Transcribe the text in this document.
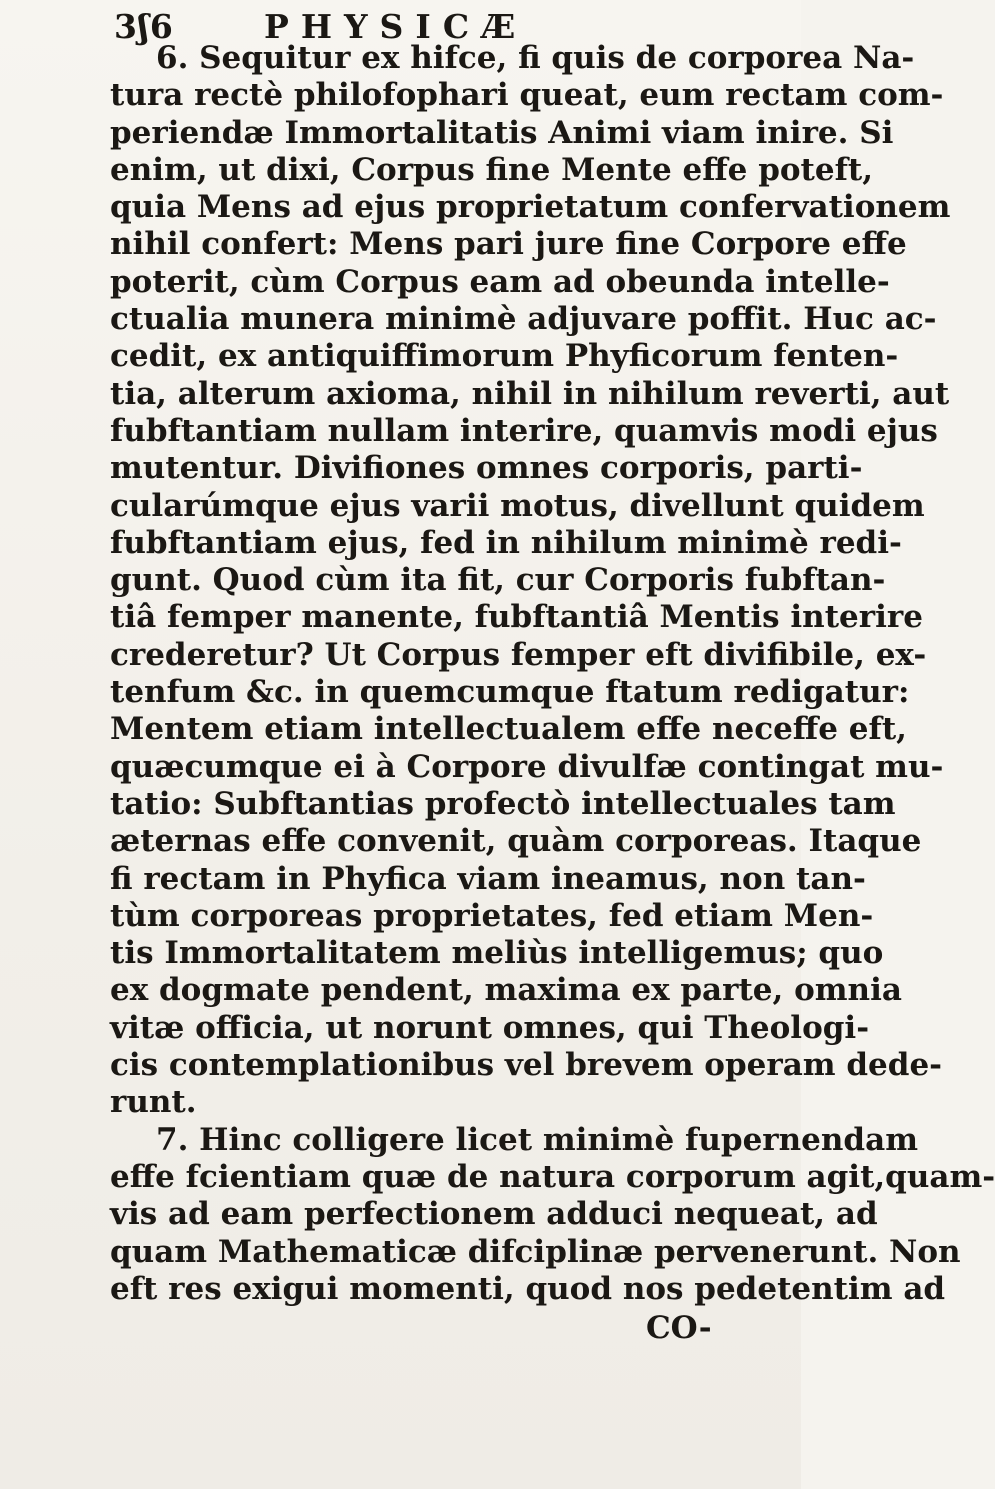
3ʃ6	PHYSICÆ
6. Sequitur ex hifce, fi quis de corporea Na-
tura rectè philofophari queat, eum rectam com-
periendæ Immortalitatis Animi viam inire. Si
enim, ut dixi, Corpus fine Mente effe poteft,
quia Mens ad ejus proprietatum confervationem
nihil confert: Mens pari jure fine Corpore effe
poterit, cùm Corpus eam ad obeunda intelle-
ctualia munera minimè adjuvare poffit. Huc ac-
cedit, ex antiquiffimorum Phyficorum fenten-
tia, alterum axioma, nihil in nihilum reverti, aut
fubftantiam nullam interire, quamvis modi ejus
mutentur. Divifiones omnes corporis, parti-
cularúmque ejus varii motus, divellunt quidem
fubftantiam ejus, fed in nihilum minimè redi-
gunt. Quod cùm ita fit, cur Corporis fubftan-
tiâ femper manente, fubftantiâ Mentis interire
crederetur? Ut Corpus femper eft divifibile, ex-
tenfum &c. in quemcumque ftatum redigatur:
Mentem etiam intellectualem effe neceffe eft,
quæcumque ei à Corpore divulfæ contingat mu-
tatio: Subftantias profectò intellectuales tam
æternas effe convenit, quàm corporeas. Itaque
fi rectam in Phyfica viam ineamus, non tan-
tùm corporeas proprietates, fed etiam Men-
tis Immortalitatem meliùs intelligemus; quo
ex dogmate pendent, maxima ex parte, omnia
vitæ officia, ut norunt omnes, qui Theologi-
cis contemplationibus vel brevem operam dede-
runt.
7. Hinc colligere licet minimè fupernendam
effe fcientiam quæ de natura corporum agit,quam-
vis ad eam perfectionem adduci nequeat, ad
quam Mathematicæ difciplinæ pervenerunt. Non
eft res exigui momenti, quod nos pedetentim ad
CO-
